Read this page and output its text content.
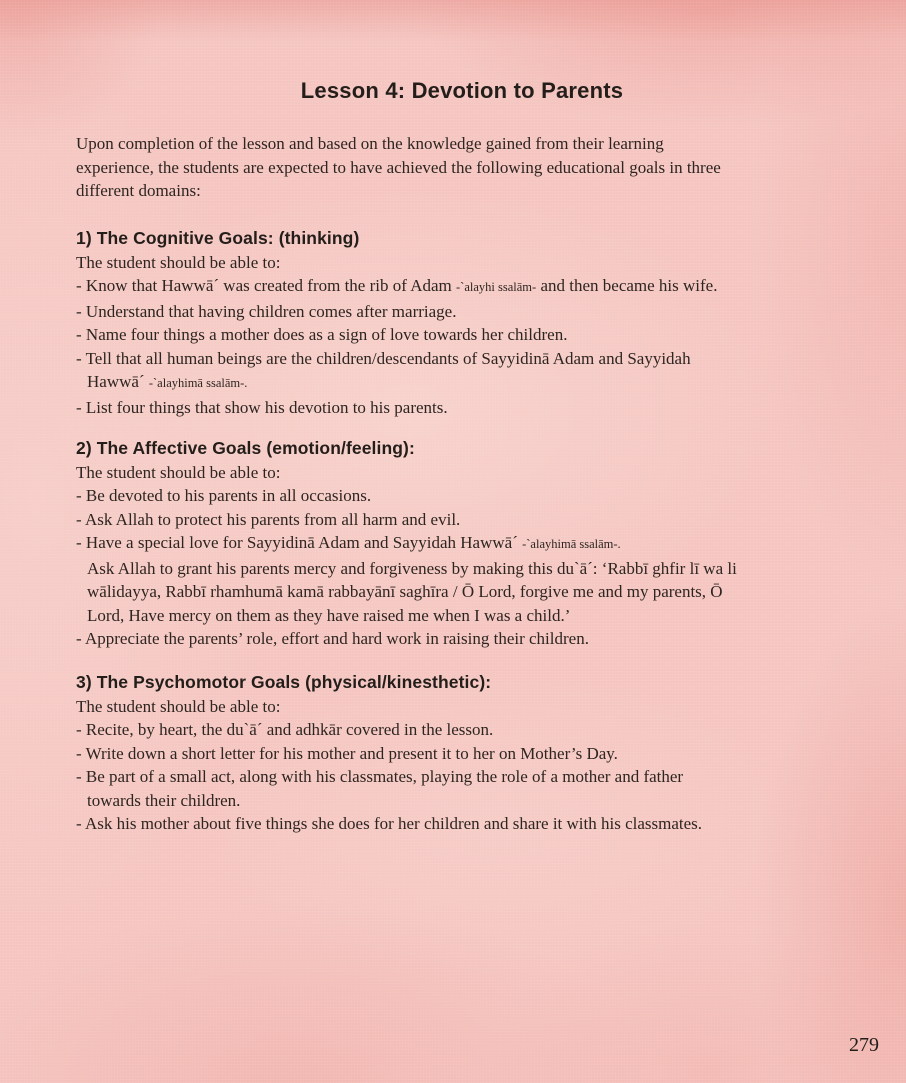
Lesson 4: Devotion to Parents
Upon completion of the lesson and based on the knowledge gained from their learning
experience, the students are expected to have achieved the following educational goals in three
different domains:
1) The Cognitive Goals: (thinking)
The student should be able to:
- Know that Hawwā´ was created from the rib of Adam -`alayhi ssalām- and then became his wife.
- Understand that having children comes after marriage.
- Name four things a mother does as a sign of love towards her children.
- Tell that all human beings are the children/descendants of Sayyidinā Adam and Sayyidah
Hawwā´ -`alayhimā ssalām-.
- List four things that show his devotion to his parents.
2) The Affective Goals (emotion/feeling):
The student should be able to:
- Be devoted to his parents in all occasions.
- Ask Allah to protect his parents from all harm and evil.
- Have a special love for Sayyidinā Adam and Sayyidah Hawwā´ -`alayhimā ssalām-.
Ask Allah to grant his parents mercy and forgiveness by making this du`ā´: ‘Rabbī ghfir lī wa li
wālidayya, Rabbī rhamhumā kamā rabbayānī saghīra / Ō Lord, forgive me and my parents, Ō
Lord, Have mercy on them as they have raised me when I was a child.’
- Appreciate the parents’ role, effort and hard work in raising their children.
3) The Psychomotor Goals (physical/kinesthetic):
The student should be able to:
- Recite, by heart, the du`ā´ and adhkār covered in the lesson.
- Write down a short letter for his mother and present it to her on Mother’s Day.
- Be part of a small act, along with his classmates, playing the role of a mother and father
towards their children.
- Ask his mother about five things she does for her children and share it with his classmates.
279
